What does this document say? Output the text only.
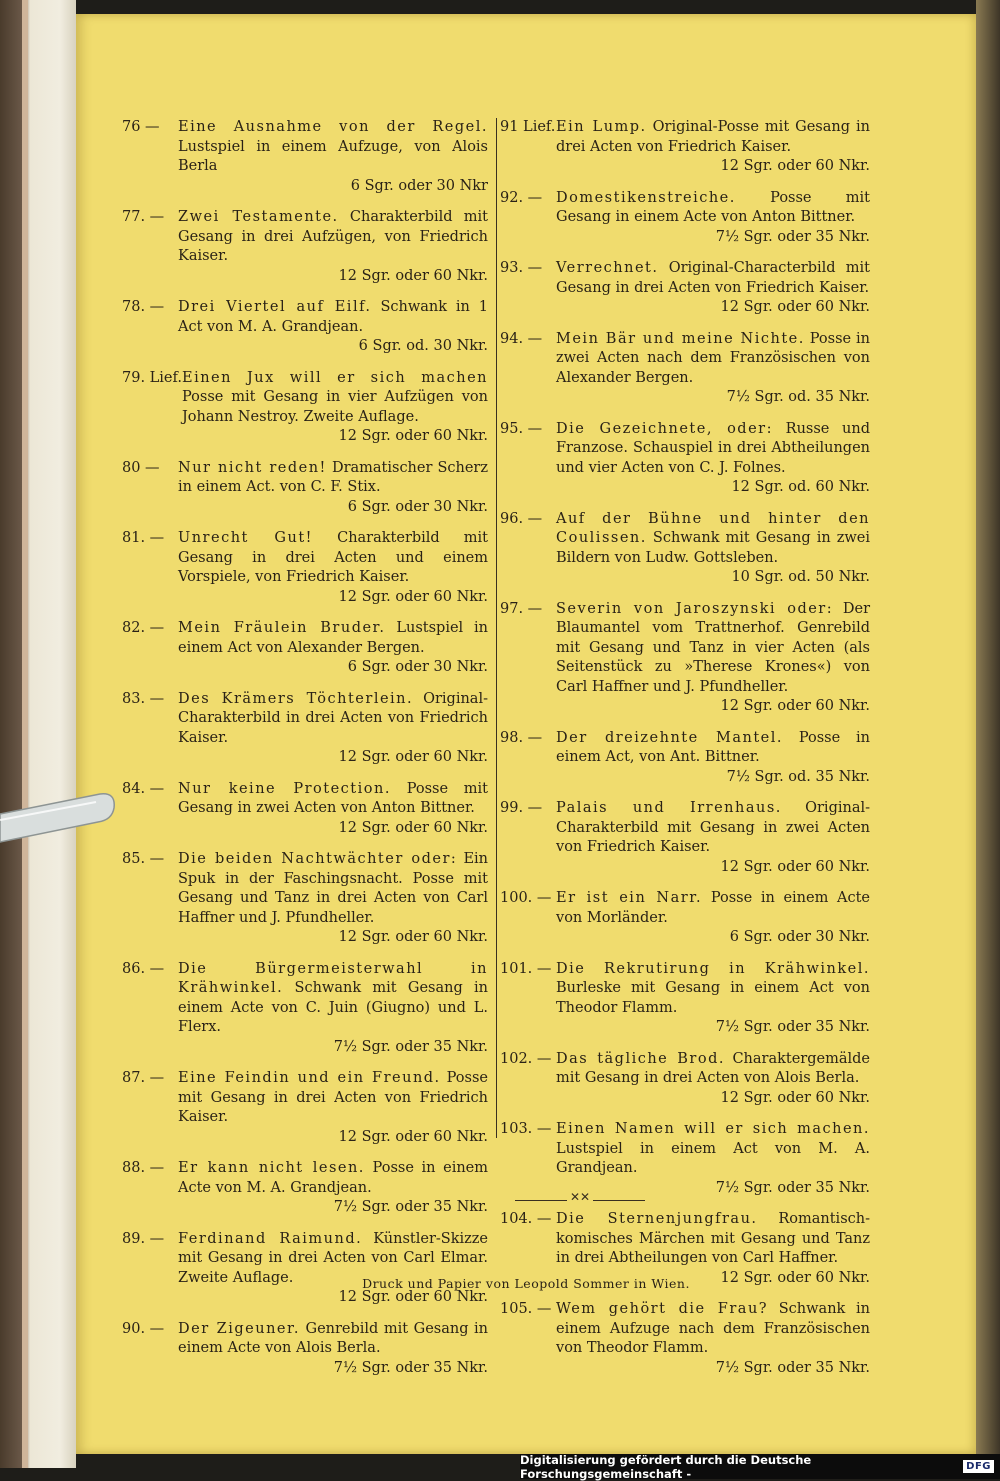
76 —	Eine Ausnahme von der Regel. Lustspiel in einem Aufzuge, von Alois Berla
6 Sgr. oder 30 Nkr
77. — Zwei Testamente. Charakterbild mit Gesang in drei Aufzügen, von Friedrich Kaiser.
12 Sgr. oder 60 Nkr.
78. — Drei Viertel auf Eilf. Schwank in 1 Act von M. A. Grandjean.
6 Sgr. od. 30 Nkr.
79. Lief. Einen Jux will er sich machen Posse mit Gesang in vier Aufzügen von Johann Nestroy. Zweite Auflage.
12 Sgr. oder 60 Nkr.
80 —	Nur nicht reden! Dramatischer Scherz in einem Act. von C. F. Stix.
6 Sgr. oder 30 Nkr.
81. — Unrecht Gut! Charakterbild mit Gesang in drei Acten und einem Vorspiele, von Friedrich Kaiser.
12 Sgr. oder 60 Nkr.
82. — Mein Fräulein Bruder. Lustspiel in einem Act von Alexander Bergen.
6 Sgr. oder 30 Nkr.
83. — Des Krämers Töchterlein. Original-Charakterbild in drei Acten von Friedrich Kaiser.
12 Sgr. oder 60 Nkr.
84. — Nur keine Protection. Posse mit Gesang in zwei Acten von Anton Bittner.
12 Sgr. oder 60 Nkr.
85. — Die beiden Nachtwächter oder: Ein Spuk in der Faschingsnacht. Posse mit Gesang und Tanz in drei Acten von Carl Haffner und J. Pfundheller.
12 Sgr. oder 60 Nkr.
86. — Die Bürgermeisterwahl in Krähwinkel. Schwank mit Gesang in einem Acte von C. Juin (Giugno) und L. Flerx.
7½ Sgr. oder 35 Nkr.
87. — Eine Feindin und ein Freund. Posse mit Gesang in drei Acten von Friedrich Kaiser.
12 Sgr. oder 60 Nkr.
88. — Er kann nicht lesen. Posse in einem Acte von M. A. Grandjean.
7½ Sgr. oder 35 Nkr.
89. — Ferdinand Raimund. Künstler-Skizze mit Gesang in drei Acten von Carl Elmar. Zweite Auflage.
12 Sgr. oder 60 Nkr.
90. — Der Zigeuner. Genrebild mit Gesang in einem Acte von Alois Berla.
7½ Sgr. oder 35 Nkr.
91 Lief. Ein Lump. Original-Posse mit Gesang in drei Acten von Friedrich Kaiser.
12 Sgr. oder 60 Nkr.
92. — Domestikenstreiche. Posse mit Gesang in einem Acte von Anton Bittner.
7½ Sgr. oder 35 Nkr.
93. — Verrechnet. Original-Characterbild mit Gesang in drei Acten von Friedrich Kaiser.
12 Sgr. oder 60 Nkr.
94. — Mein Bär und meine Nichte. Posse in zwei Acten nach dem Französischen von Alexander Bergen.
7½ Sgr. od. 35 Nkr.
95. — Die Gezeichnete, oder: Russe und Franzose. Schauspiel in drei Abtheilungen und vier Acten von C. J. Folnes.
12 Sgr. od. 60 Nkr.
96. — Auf der Bühne und hinter den Coulissen. Schwank mit Gesang in zwei Bildern von Ludw. Gottsleben.
10 Sgr. od. 50 Nkr.
97. — Severin von Jaroszynski oder: Der Blaumantel vom Trattnerhof. Genrebild mit Gesang und Tanz in vier Acten (als Seitenstück zu »Therese Krones«) von Carl Haffner und J. Pfundheller.
12 Sgr. oder 60 Nkr.
98. — Der dreizehnte Mantel. Posse in einem Act, von Ant. Bittner.
7½ Sgr. od. 35 Nkr.
99. — Palais und Irrenhaus. Original-Charakterbild mit Gesang in zwei Acten von Friedrich Kaiser.
12 Sgr. oder 60 Nkr.
100. — Er ist ein Narr. Posse in einem Acte von Morländer.
6 Sgr. oder 30 Nkr.
101. — Die Rekrutirung in Krähwinkel. Burleske mit Gesang in einem Act von Theodor Flamm.
7½ Sgr. oder 35 Nkr.
102. — Das tägliche Brod. Charaktergemälde mit Gesang in drei Acten von Alois Berla.
12 Sgr. oder 60 Nkr.
103. — Einen Namen will er sich machen. Lustspiel in einem Act von M. A. Grandjean.
7½ Sgr. oder 35 Nkr.
104. — Die Sternenjungfrau. Romantisch-komisches Märchen mit Gesang und Tanz in drei Abtheilungen von Carl Haffner.
12 Sgr. oder 60 Nkr.
105. — Wem gehört die Frau? Schwank in einem Aufzuge nach dem Französischen von Theodor Flamm.
7½ Sgr. oder 35 Nkr.
✕✕
Druck und Papier von Leopold Sommer in Wien.
Digitalisierung gefördert durch die Deutsche Forschungsgemeinschaft -	DFG
